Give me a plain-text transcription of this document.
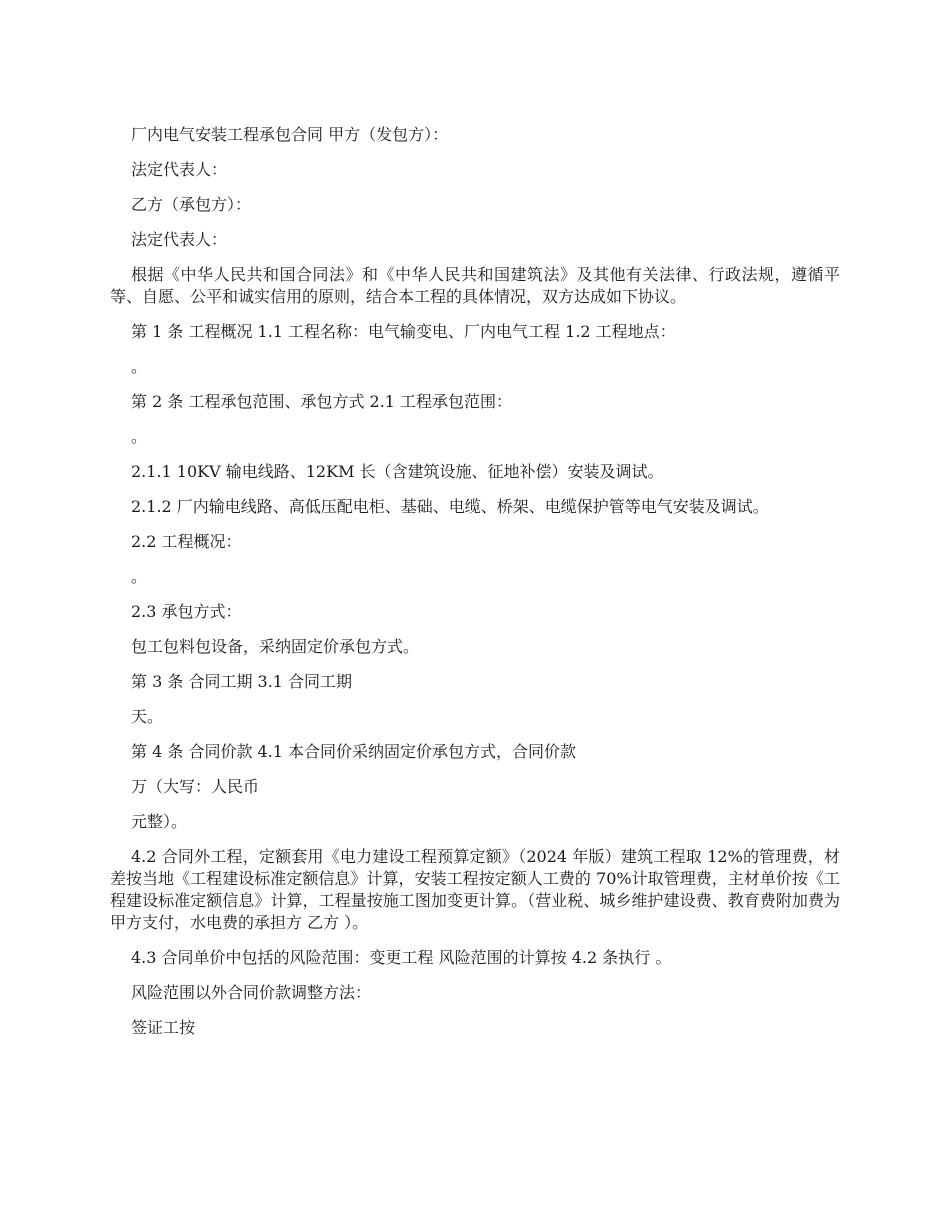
厂内电气安装工程承包合同 甲方（发包方）：

法定代表人：

乙方（承包方）：

法定代表人：

根据《中华人民共和国合同法》和《中华人民共和国建筑法》及其他有关法律、行政法规，遵循平等、自愿、公平和诚实信用的原则，结合本工程的具体情况，双方达成如下协议。

第 1 条 工程概况 1.1 工程名称：电气输变电、厂内电气工程 1.2 工程地点：

。

第 2 条 工程承包范围、承包方式 2.1 工程承包范围：

。

2.1.1 10KV 输电线路、12KM 长（含建筑设施、征地补偿）安装及调试。

2.1.2 厂内输电线路、高低压配电柜、基础、电缆、桥架、电缆保护管等电气安装及调试。

2.2 工程概况：

。

2.3 承包方式：

包工包料包设备，采纳固定价承包方式。

第 3 条 合同工期 3.1 合同工期

天。

第 4 条 合同价款 4.1 本合同价采纳固定价承包方式，合同价款

万（大写：人民币

元整）。

4.2 合同外工程，定额套用《电力建设工程预算定额》（2024 年版）建筑工程取 12%的管理费，材差按当地《工程建设标准定额信息》计算，安装工程按定额人工费的 70%计取管理费，主材单价按《工程建设标准定额信息》计算，工程量按施工图加变更计算。（营业税、城乡维护建设费、教育费附加费为甲方支付，水电费的承担方 乙方 ）。

4.3 合同单价中包括的风险范围：变更工程 风险范围的计算按 4.2 条执行 。

风险范围以外合同价款调整方法：

签证工按
